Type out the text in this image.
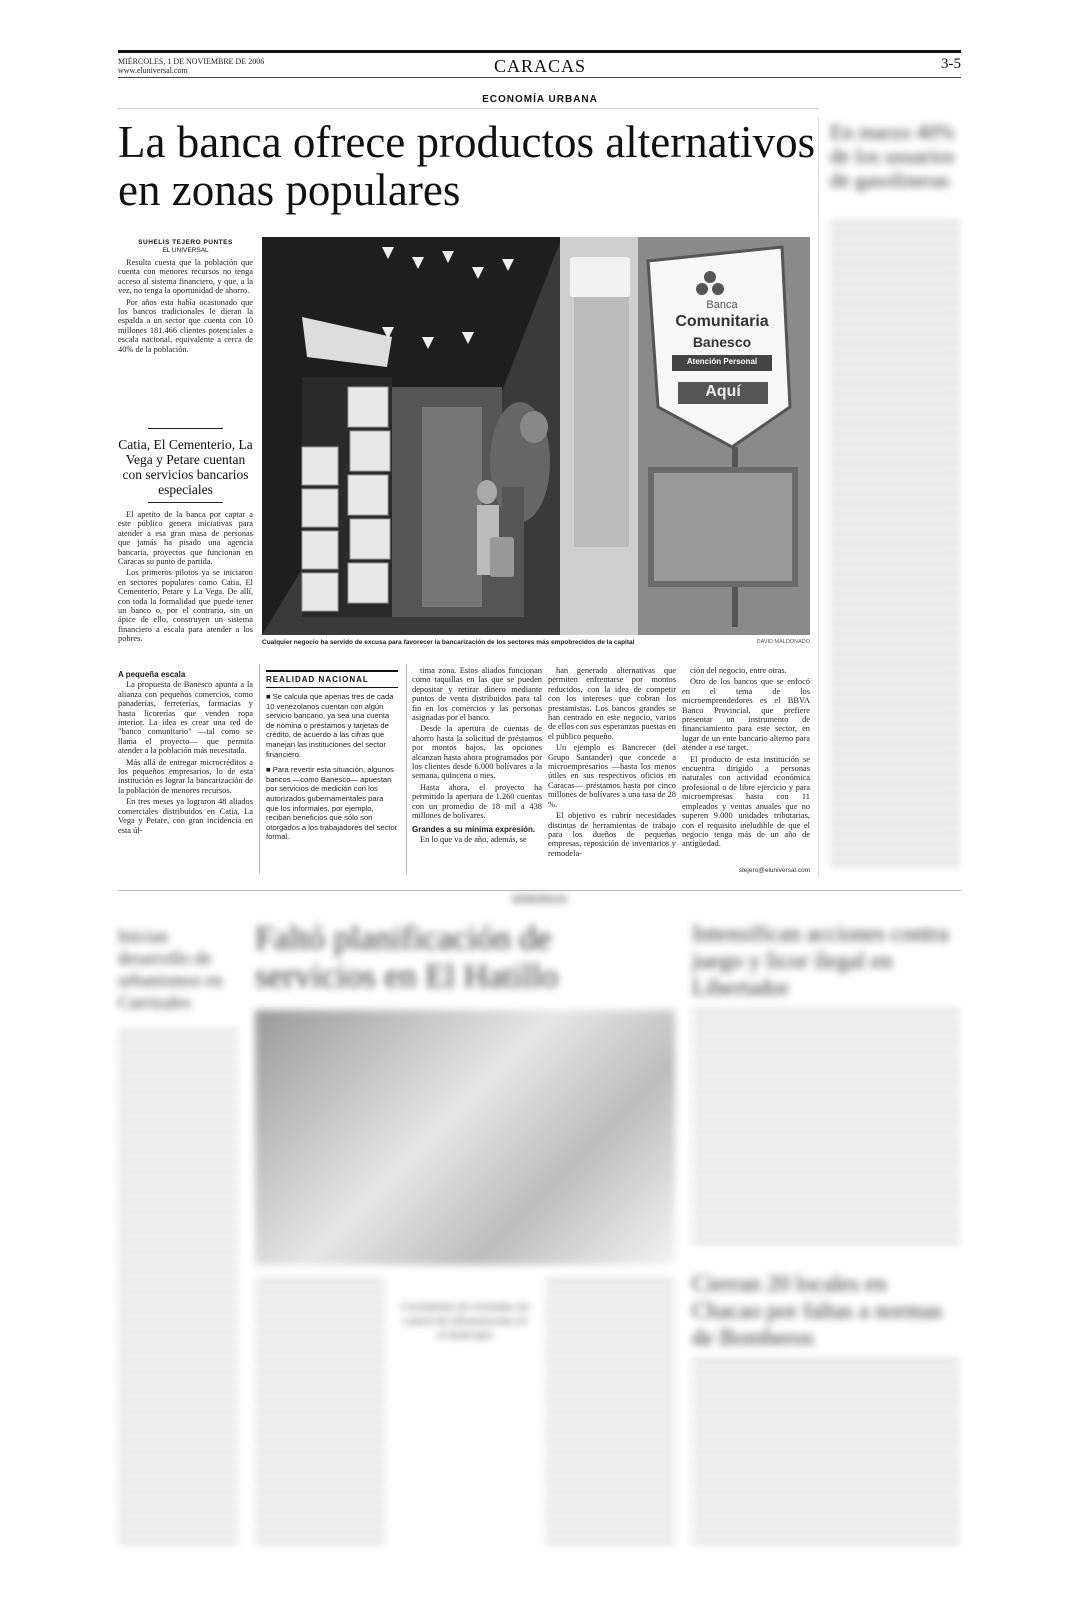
MIÉRCOLES, 1 DE NOVIEMBRE DE 2006
www.eluniversal.com	CARACAS	3-5
ECONOMÍA URBANA
La banca ofrece productos alternativos en zonas populares
SUHELIS TEJERO PUNTES
EL UNIVERSAL

Resulta cuesta que la población que cuenta con menores recursos no tenga acceso al sistema financiero, y que, a la vez, no tenga la oportunidad de ahorro.

Por años esta había ocasionado que los bancos tradicionales le dieran la espalda a un sector que cuenta con 10 millones 181.466 clientes potenciales a escala nacional, equivalente a cerca de 40% de la población.

Catia, El Cementerio, La Vega y Petare cuentan con servicios bancarios especiales

El apetito de la banca por captar a este público genera iniciativas para atender a esa gran masa de personas que jamás ha pisado una agencia bancaria, proyectos que funcionan en Caracas su punto de partida.

Los primeros pilotos ya se iniciaron en sectores populares como Catia, El Cementerio, Petare y La Vega. De allí, con toda la formalidad que puede tener un banco o, por el contrario, sin un ápice de ello, construyen un sistema financiero a escala para atender a los pobres.

Banca
Comunitaria
Banesco
Atención Personal
Aquí
Cualquier negocio ha servido de excusa para favorecer la bancarización de los sectores más empobrecidos de la capital	DAVID MALDONADO
A pequeña escala

La propuesta de Banesco apunta a la alianza con pequeños comercios, como panaderías, ferreterías, farmacias y hasta licorerías que venden ropa interior. La idea es crear una red de "banco comunitario" —tal como se llama el proyecto— que permita atender a la población más necesitada.

Más allá de entregar microcréditos a los pequeños empresarios, lo de esta institución es lograr la bancarización de la población de menores recursos.

En tres meses ya lograron 48 aliados comerciales distribuidos en Catia, La Vega y Petare, con gran incidencia en esta úl-

REALIDAD NACIONAL

■ Se calcula que apenas tres de cada 10 venezolanos cuentan con algún servicio bancario, ya sea una cuenta de nómina o préstamos y tarjetas de crédito, de acuerdo a las cifras que manejan las instituciones del sector financiero.

■ Para revertir esta situación, algunos bancos —como Banesco— apuestan por servicios de medición con los autorizados gubernamentales para que los informales, por ejemplo, reciban beneficios que sólo son otorgados a los trabajadores del sector formal.

tima zona. Estos aliados funcionan como taquillas en las que se pueden depositar y retirar dinero mediante puntos de venta distribuidos para tal fin en los comercios y las personas asignadas por el banco.

Desde la apertura de cuentas de ahorro hasta la solicitud de préstamos por montos bajos, las opciones alcanzan hasta ahora programados por los clientes desde 6.000 bolívares a la semana, quincena o mes.

Hasta ahora, el proyecto ha permitido la apertura de 1.260 cuentas con un promedio de 18 mil a 438 millones de bolívares.

Grandes a su mínima expresión.

En lo que va de año, además, se

han generado alternativas que permiten enfrentarse por montos reducidos, con la idea de competir con los intereses que cobran los prestamistas. Los bancos grandes se han centrado en este negocio, varios de ellos con sus esperanzas puestas en el público pequeño.

Un ejemplo es Bancrecer (del Grupo Santander) que concede a microempresarios —hasta los menos útiles en sus respectivos oficios en Caracas— préstamos hasta por cinco millones de bolívares a una tasa de 28 %.

El objetivo es cubrir necesidades distintas de herramientas de trabajo para los dueños de pequeñas empresas, reposición de inventarios y remodela-

ción del negocio, entre otras.

Otro de los bancos que se enfocó en el tema de los microemprendedores es el BBVA Banco Provincial, que prefiere presentar un instrumento de financiamiento para este sector, en lugar de un ente bancario alterno para atender a ese target.

El producto de esta institución se encuentra dirigido a personas naturales con actividad económica profesional o de libre ejercicio y para microempresas hasta con 11 empleados y ventas anuales que no superen 9.000 unidades tributarias, con el requisito ineludible de que el negocio tenga más de un año de antigüedad.

stejero@eluniversal.com
En marzo 40% de los usuarios de gasolineras
MUNICIPALES
Inician desarrollo de urbanismos en Carrizales
Faltó planificación de servicios en El Hatillo
Crecimiento de viviendas sin control de infraestructura en el municipio
Intensifican acciones contra juego y licor ilegal en Libertador
Cierran 20 locales en Chacao por faltas a normas de Bomberos
